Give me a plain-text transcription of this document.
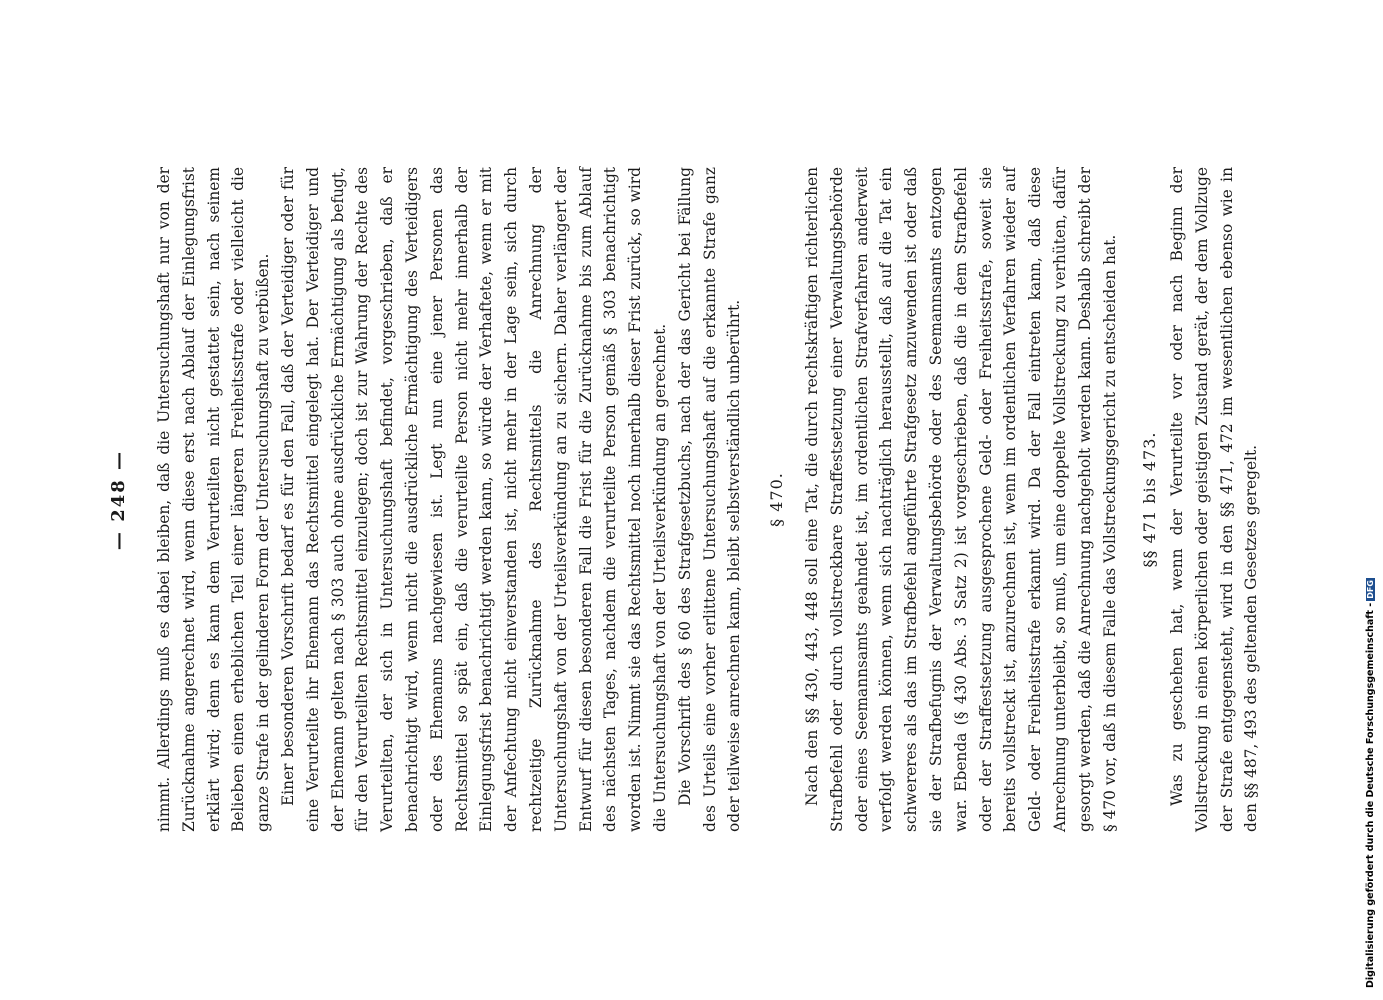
— 248 — nimmt. Allerdings muß es dabei bleiben, daß die Untersuchungshaft nur von der Zurücknahme angerechnet wird, wenn diese erst nach Ablauf der Einlegungsfrist erklärt wird; denn es kann dem Verurteilten nicht gestattet sein, nach seinem Belieben einen erheblichen Teil einer längeren Freiheitsstrafe oder vielleicht die ganze Strafe in der gelinderen Form der Untersuchungshaft zu verbüßen. Einer besonderen Vorschrift bedarf es für den Fall, daß der Verteidiger oder für eine Verurteilte ihr Ehemann das Rechtsmittel eingelegt hat. Der Verteidiger und der Ehemann gelten nach § 303 auch ohne ausdrückliche Ermächtigung als befugt, für den Verurteilten Rechtsmittel einzulegen; doch ist zur Wahrung der Rechte des Verurteilten, der sich in Untersuchungshaft befindet, vorgeschrieben, daß er benachrichtigt wird, wenn nicht die ausdrückliche Ermächtigung des Verteidigers oder des Ehemanns nachgewiesen ist. Legt nun eine jener Personen das Rechtsmittel so spät ein, daß die verurteilte Person nicht mehr innerhalb der Einlegungsfrist benachrichtigt werden kann, so würde der Verhaftete, wenn er mit der Anfechtung nicht einverstanden ist, nicht mehr in der Lage sein, sich durch rechtzeitige Zurücknahme des Rechtsmittels die Anrechnung der Untersuchungshaft von der Urteilsverkündung an zu sichern. Daher verlängert der Entwurf für diesen besonderen Fall die Frist für die Zurücknahme bis zum Ablauf des nächsten Tages, nachdem die verurteilte Person gemäß § 303 benachrichtigt worden ist. Nimmt sie das Rechtsmittel noch innerhalb dieser Frist zurück, so wird die Untersuchungshaft von der Urteilsverkündung an gerechnet. Die Vorschrift des § 60 des Strafgesetzbuchs, nach der das Gericht bei Fällung des Urteils eine vorher erlittene Untersuchungshaft auf die erkannte Strafe ganz oder teilweise anrechnen kann, bleibt selbstverständlich unberührt. § 470. Nach den §§ 430, 443, 448 soll eine Tat, die durch rechtskräftigen richterlichen Strafbefehl oder durch vollstreckbare Straffestsetzung einer Verwaltungsbehörde oder eines Seemannsamts geahndet ist, im ordentlichen Strafverfahren anderweit verfolgt werden können, wenn sich nachträglich herausstellt, daß auf die Tat ein schwereres als das im Strafbefehl angeführte Strafgesetz anzuwenden ist oder daß sie der Strafbefugnis der Verwaltungsbehörde oder des Seemannsamts entzogen war. Ebenda (§ 430 Abs. 3 Satz 2) ist vorgeschrieben, daß die in dem Strafbefehl oder der Straffestsetzung ausgesprochene Geld- oder Freiheitsstrafe, soweit sie bereits vollstreckt ist, anzurechnen ist, wenn im ordentlichen Verfahren wieder auf Geld- oder Freiheitsstrafe erkannt wird. Da der Fall eintreten kann, daß diese Anrechnung unterbleibt, so muß, um eine doppelte Vollstreckung zu verhüten, dafür gesorgt werden, daß die Anrechnung nachgeholt werden kann. Deshalb schreibt der § 470 vor, daß in diesem Falle das Vollstreckungsgericht zu entscheiden hat. §§ 471 bis 473. Was zu geschehen hat, wenn der Verurteilte vor oder nach Beginn der Vollstreckung in einen körperlichen oder geistigen Zustand gerät, der dem Vollzuge der Strafe entgegensteht, wird in den §§ 471, 472 im wesentlichen ebenso wie in den §§ 487, 493 des geltenden Gesetzes geregelt.	Digitalisierung gefördert durch die Deutsche Forschungsgemeinschaft -DFG
